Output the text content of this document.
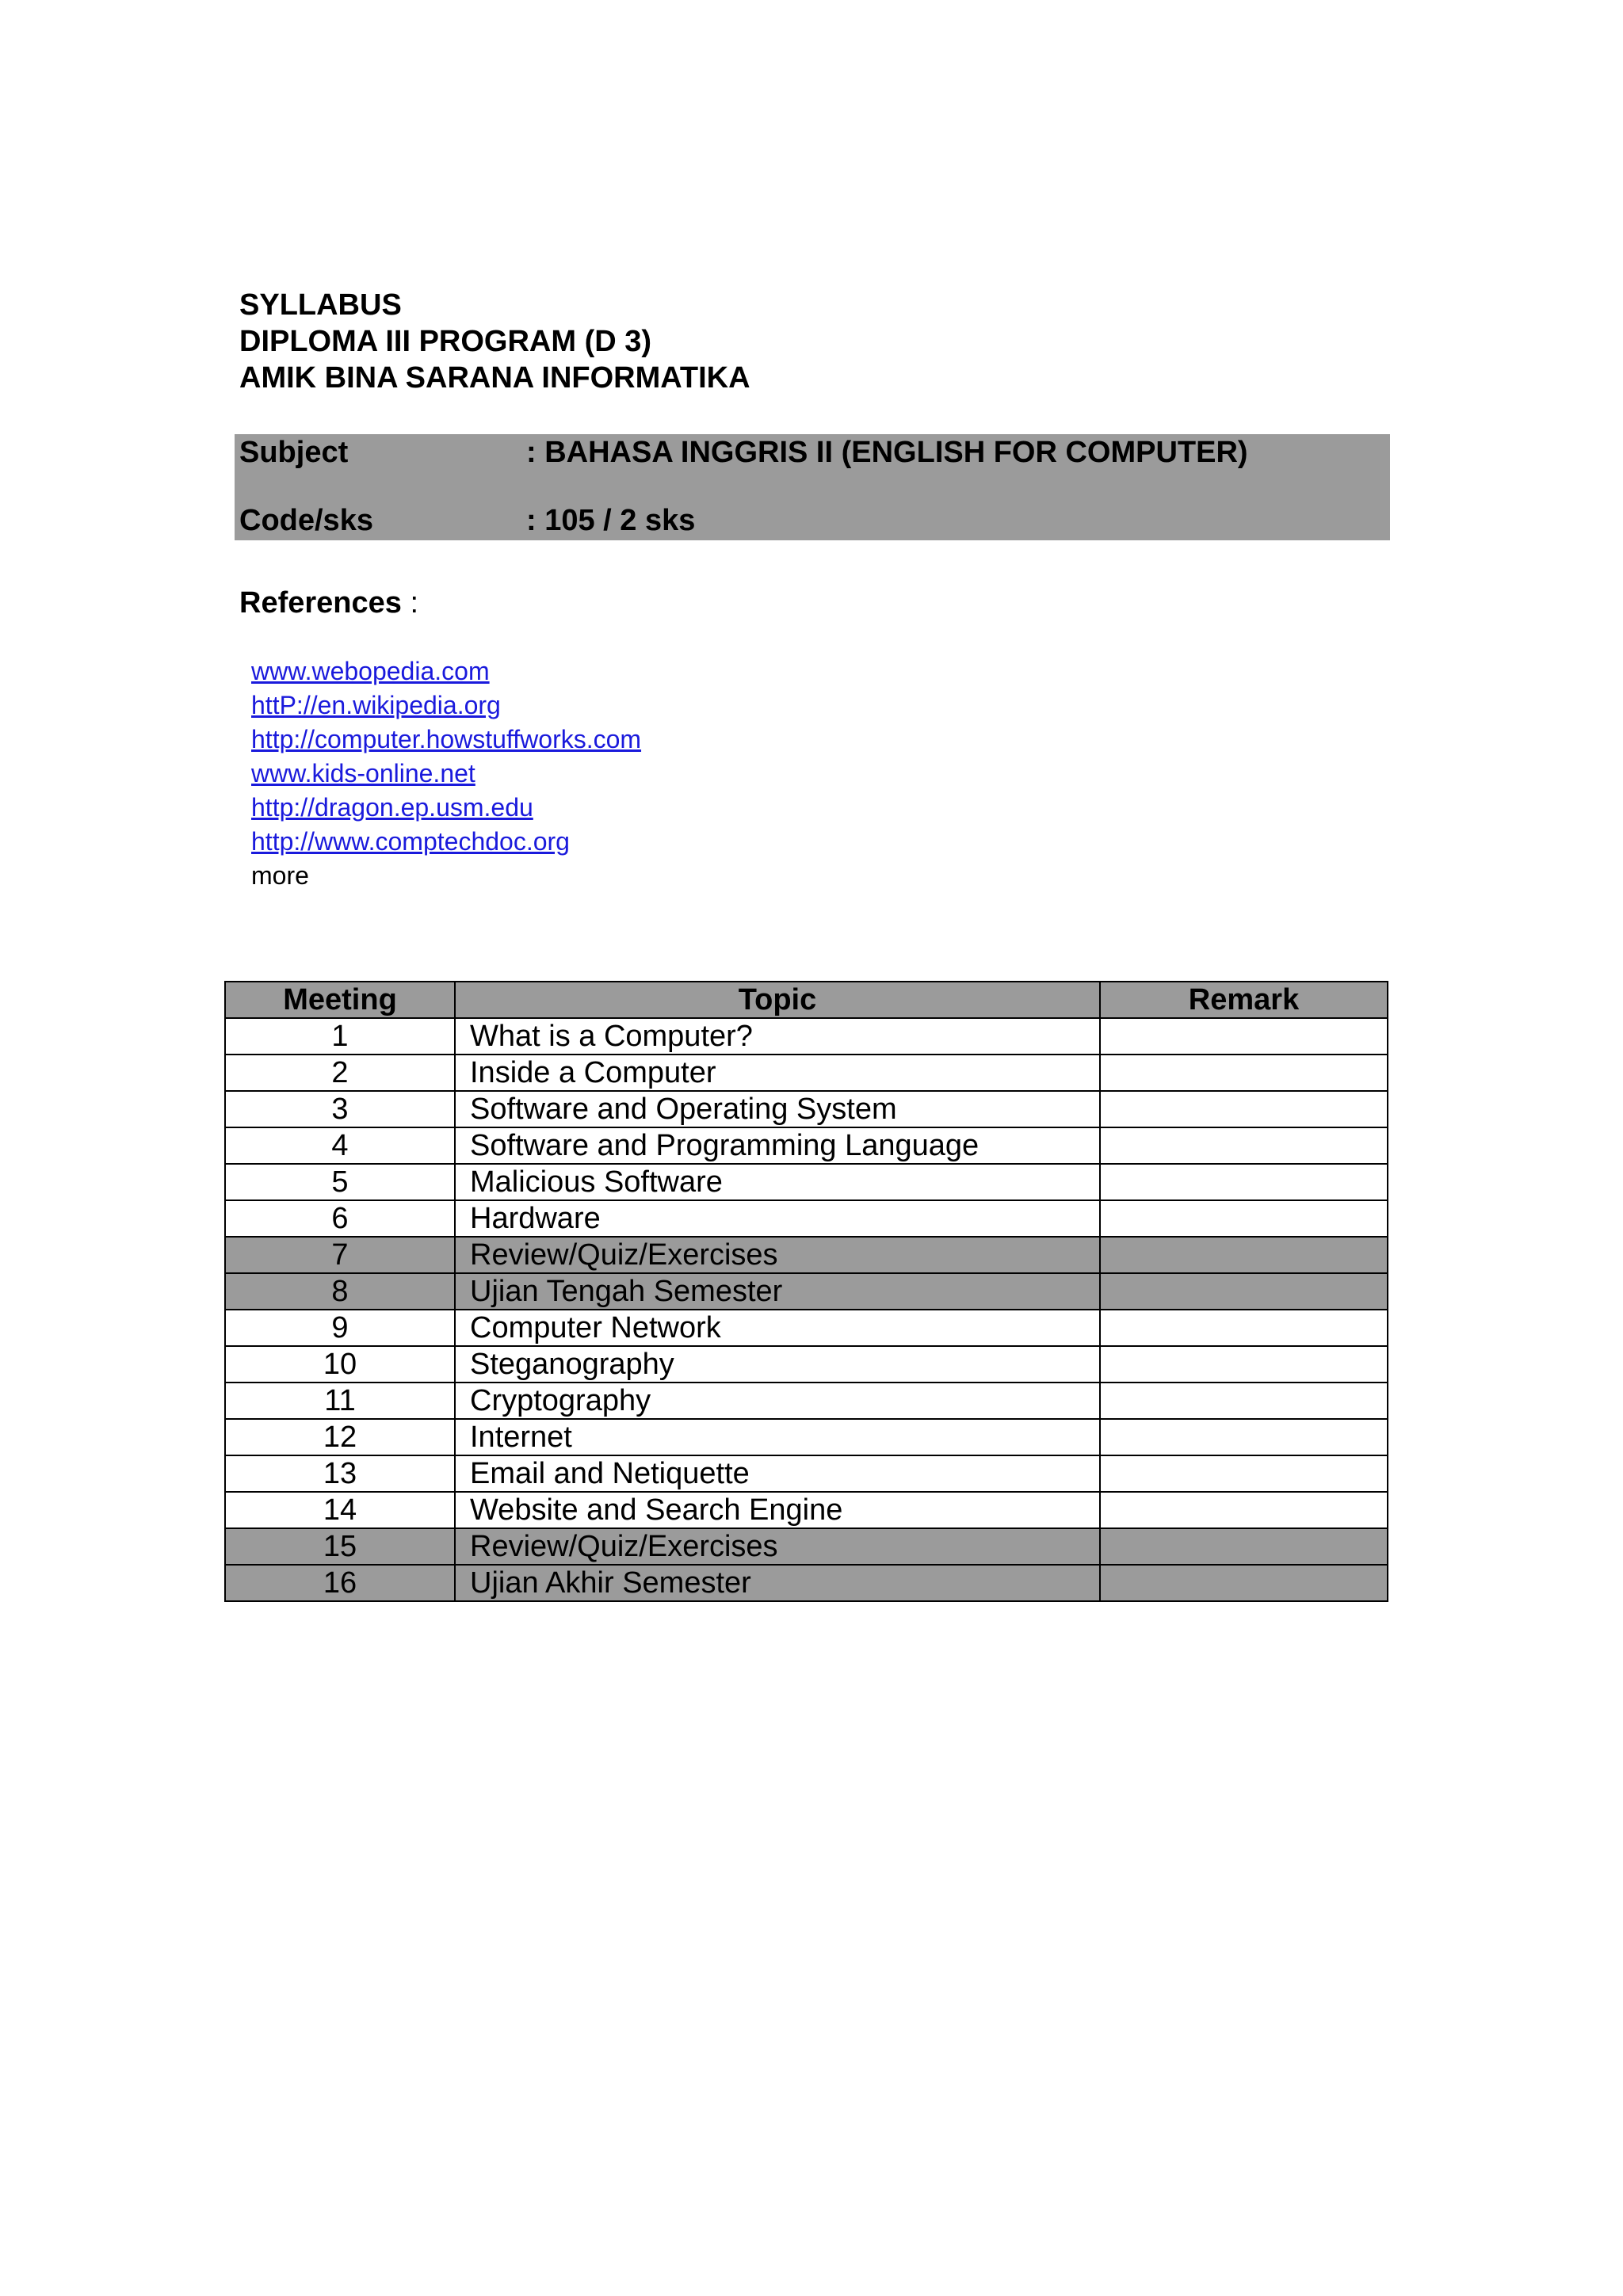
SYLLABUS
DIPLOMA III PROGRAM (D 3)
AMIK BINA SARANA INFORMATIKA
Subject	: BAHASA INGGRIS II (ENGLISH FOR COMPUTER)
Code/sks	: 105 / 2 sks
References :
www.webopedia.com
httP://en.wikipedia.org
http://computer.howstuffworks.com
www.kids-online.net
http://dragon.ep.usm.edu
http://www.comptechdoc.org
more
Meeting	Topic	Remark
1	What is a Computer?	
2	Inside a Computer	
3	Software and Operating System	
4	Software and Programming Language	
5	Malicious Software	
6	Hardware	
7	Review/Quiz/Exercises	
8	Ujian Tengah Semester	
9	Computer Network	
10	Steganography	
11	Cryptography	
12	Internet	
13	Email and Netiquette	
14	Website and Search Engine	
15	Review/Quiz/Exercises	
16	Ujian Akhir Semester	
